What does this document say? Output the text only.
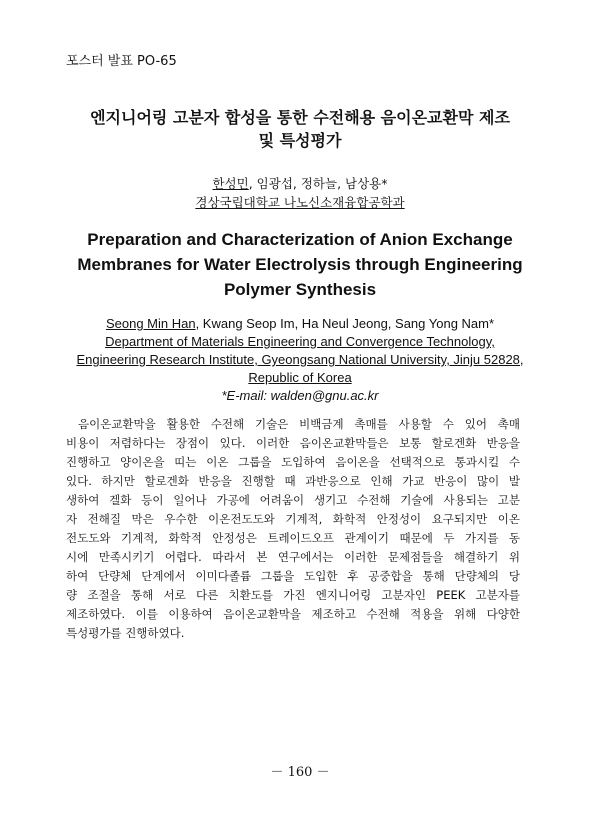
포스터 발표 PO-65
엔지니어링 고분자 합성을 통한 수전해용 음이온교환막 제조
및 특성평가
한성민, 임광섭, 정하늘, 남상용*
경상국립대학교 나노신소재융합공학과
Preparation and Characterization of Anion Exchange
Membranes for Water Electrolysis through Engineering
Polymer Synthesis
Seong Min Han, Kwang Seop Im, Ha Neul Jeong, Sang Yong Nam*
Department of Materials Engineering and Convergence Technology,
Engineering Research Institute, Gyeongsang National University, Jinju 52828,
Republic of Korea
*E-mail: walden@gnu.ac.kr
음이온교환막을 활용한 수전해 기술은 비백금계 촉매를 사용할 수 있어 촉매
비용이 저렴하다는 장점이 있다. 이러한 음이온교환막들은 보통 할로겐화 반응을
진행하고 양이온을 띠는 이온 그룹을 도입하여 음이온을 선택적으로 통과시킬 수
있다. 하지만 할로겐화 반응을 진행할 때 과반응으로 인해 가교 반응이 많이 발
생하여 겔화 등이 일어나 가공에 어려움이 생기고 수전해 기술에 사용되는 고분
자 전해질 막은 우수한 이온전도도와 기계적, 화학적 안정성이 요구되지만 이온
전도도와 기계적, 화학적 안정성은 트레이드오프 관계이기 때문에 두 가지를 동
시에 만족시키기 어렵다. 따라서 본 연구에서는 이러한 문제점들을 해결하기 위
하여 단량체 단계에서 이미다졸륨 그룹을 도입한 후 공중합을 통해 단량체의 당
량 조절을 통해 서로 다른 치환도를 가진 엔지니어링 고분자인 PEEK 고분자를
제조하였다. 이를 이용하여 음이온교환막을 제조하고 수전해 적용을 위해 다양한
특성평가를 진행하였다.
－ 160 －
